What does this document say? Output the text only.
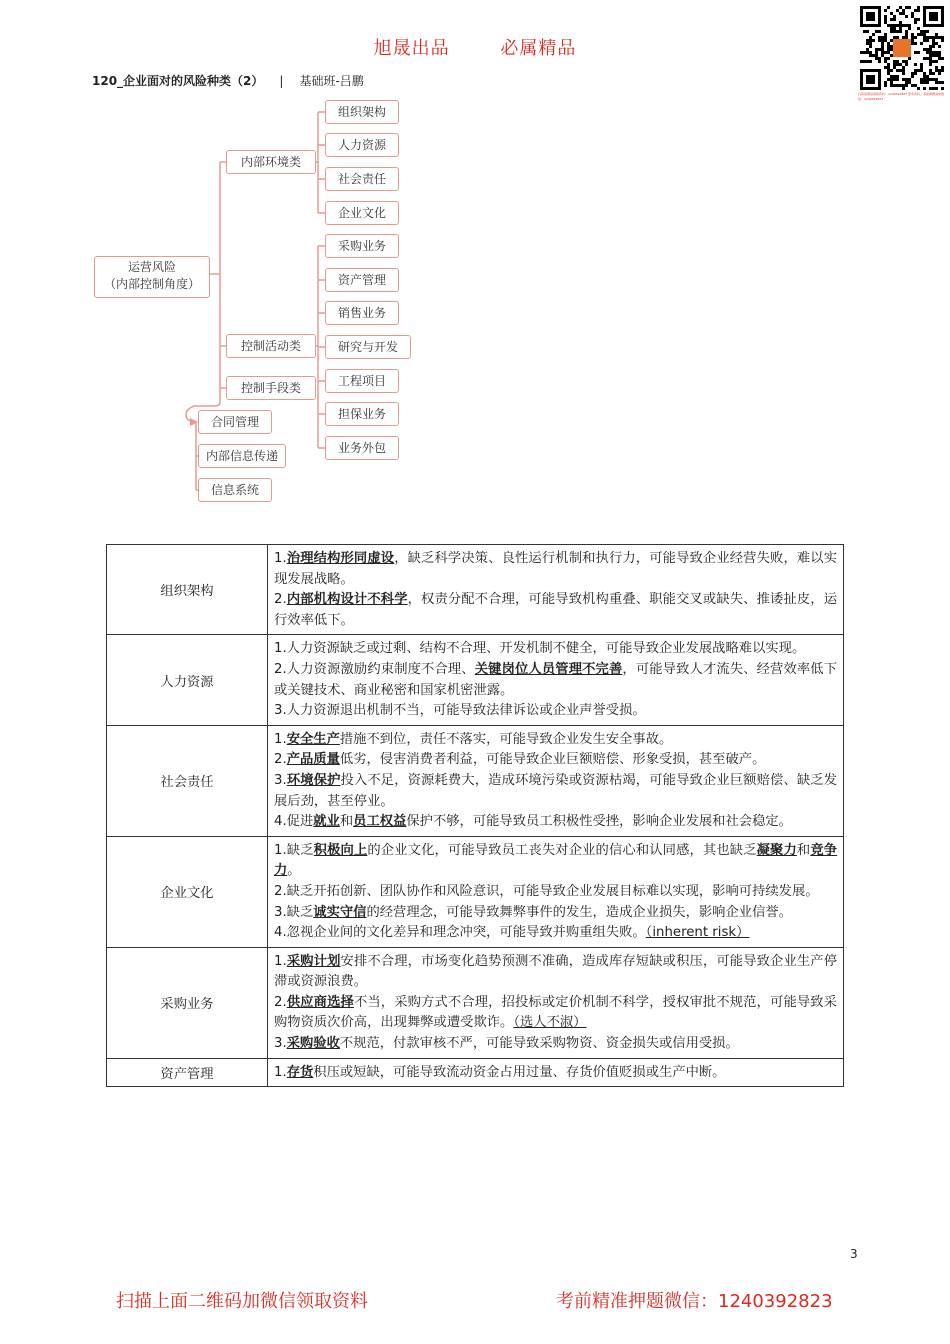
旭晟出品	必属精品
扫码加微信领取资料：1240392823 更多资料，考前押题请加微信：1240392823
120_企业面对的风险种类（2） | 基础班-吕鹏
运营风险
（内部控制角度）
内部环境类
控制活动类
控制手段类
组织架构
人力资源
社会责任
企业文化
采购业务
资产管理
销售业务
研究与开发
工程项目
担保业务
业务外包
合同管理
内部信息传递
信息系统
组织架构	1.治理结构形同虚设，缺乏科学决策、良性运行机制和执行力，可能导致企业经营失败，难以实现发展战略。

2.内部机构设计不科学，权责分配不合理，可能导致机构重叠、职能交叉或缺失、推诿扯皮，运行效率低下。

人力资源	1.人力资源缺乏或过剩、结构不合理、开发机制不健全，可能导致企业发展战略难以实现。

2.人力资源激励约束制度不合理、关键岗位人员管理不完善，可能导致人才流失、经营效率低下或关键技术、商业秘密和国家机密泄露。

3.人力资源退出机制不当，可能导致法律诉讼或企业声誉受损。

社会责任	1.安全生产措施不到位，责任不落实，可能导致企业发生安全事故。

2.产品质量低劣，侵害消费者利益，可能导致企业巨额赔偿、形象受损，甚至破产。

3.环境保护投入不足，资源耗费大，造成环境污染或资源枯竭，可能导致企业巨额赔偿、缺乏发展后劲，甚至停业。

4.促进就业和员工权益保护不够，可能导致员工积极性受挫，影响企业发展和社会稳定。

企业文化	1.缺乏积极向上的企业文化，可能导致员工丧失对企业的信心和认同感，其也缺乏凝聚力和竞争力。

2.缺乏开拓创新、团队协作和风险意识，可能导致企业发展目标难以实现，影响可持续发展。

3.缺乏诚实守信的经营理念，可能导致舞弊事件的发生，造成企业损失，影响企业信誉。

4.忽视企业间的文化差异和理念冲突，可能导致并购重组失败。（inherent risk）

采购业务	1.采购计划安排不合理，市场变化趋势预测不准确，造成库存短缺或积压，可能导致企业生产停滞或资源浪费。

2.供应商选择不当，采购方式不合理，招投标或定价机制不科学，授权审批不规范，可能导致采购物资质次价高，出现舞弊或遭受欺诈。（选人不淑）

3.采购验收不规范，付款审核不严，可能导致采购物资、资金损失或信用受损。

资产管理	1.存货积压或短缺，可能导致流动资金占用过量、存货价值贬损或生产中断。

3
扫描上面二维码加微信领取资料	考前精准押题微信：1240392823
